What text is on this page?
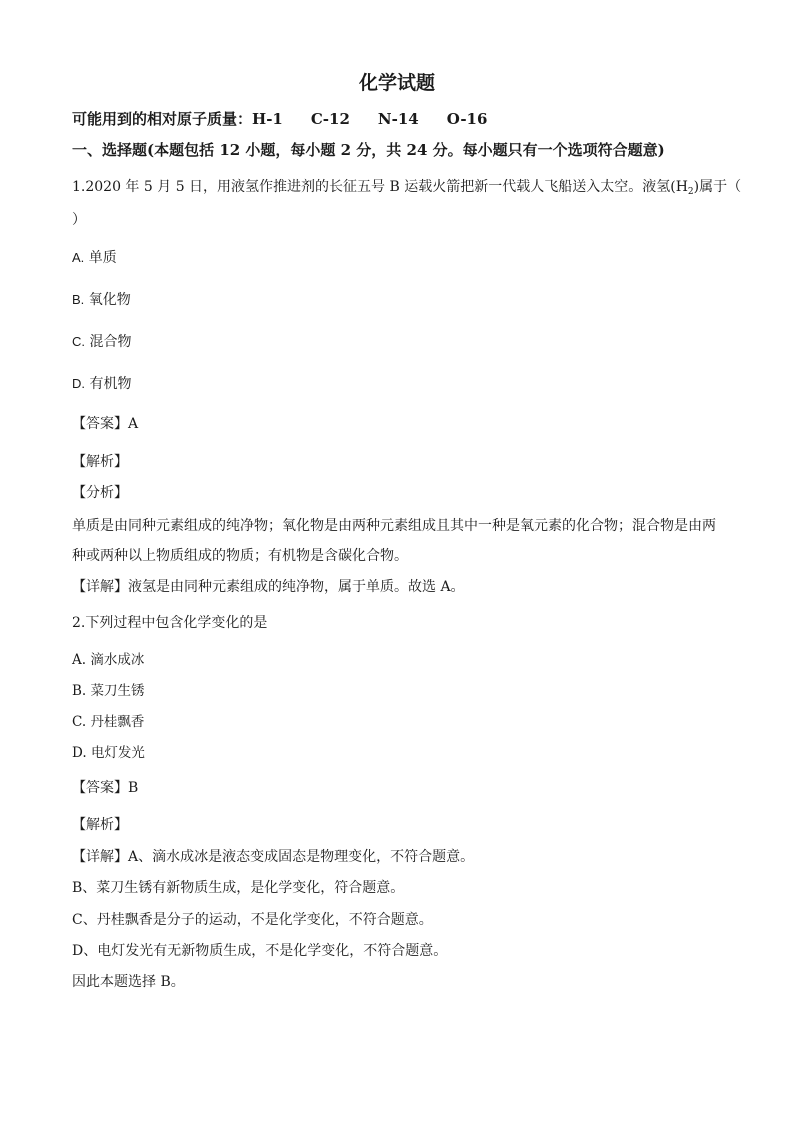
化学试题
可能用到的相对原子质量：H-1 C-12 N-14 O-16
一、选择题(本题包括 12 小题，每小题 2 分，共 24 分。每小题只有一个选项符合题意)
1.2020 年 5 月 5 日，用液氢作推进剂的长征五号 B 运载火箭把新一代载人飞船送入太空。液氢$(H_2)$属于（
）
A. 单质
B. 氧化物
C. 混合物
D. 有机物
【答案】A
【解析】
【分析】
单质是由同种元素组成的纯净物；氧化物是由两种元素组成且其中一种是氧元素的化合物；混合物是由两
种或两种以上物质组成的物质；有机物是含碳化合物。
【详解】液氢是由同种元素组成的纯净物，属于单质。故选 A。
2.下列过程中包含化学变化的是
A. 滴水成冰
B. 菜刀生锈
C. 丹桂飘香
D. 电灯发光
【答案】B
【解析】
【详解】A、滴水成冰是液态变成固态是物理变化，不符合题意。
B、菜刀生锈有新物质生成，是化学变化，符合题意。
C、丹桂飘香是分子的运动，不是化学变化，不符合题意。
D、电灯发光有无新物质生成，不是化学变化，不符合题意。
因此本题选择 B。
